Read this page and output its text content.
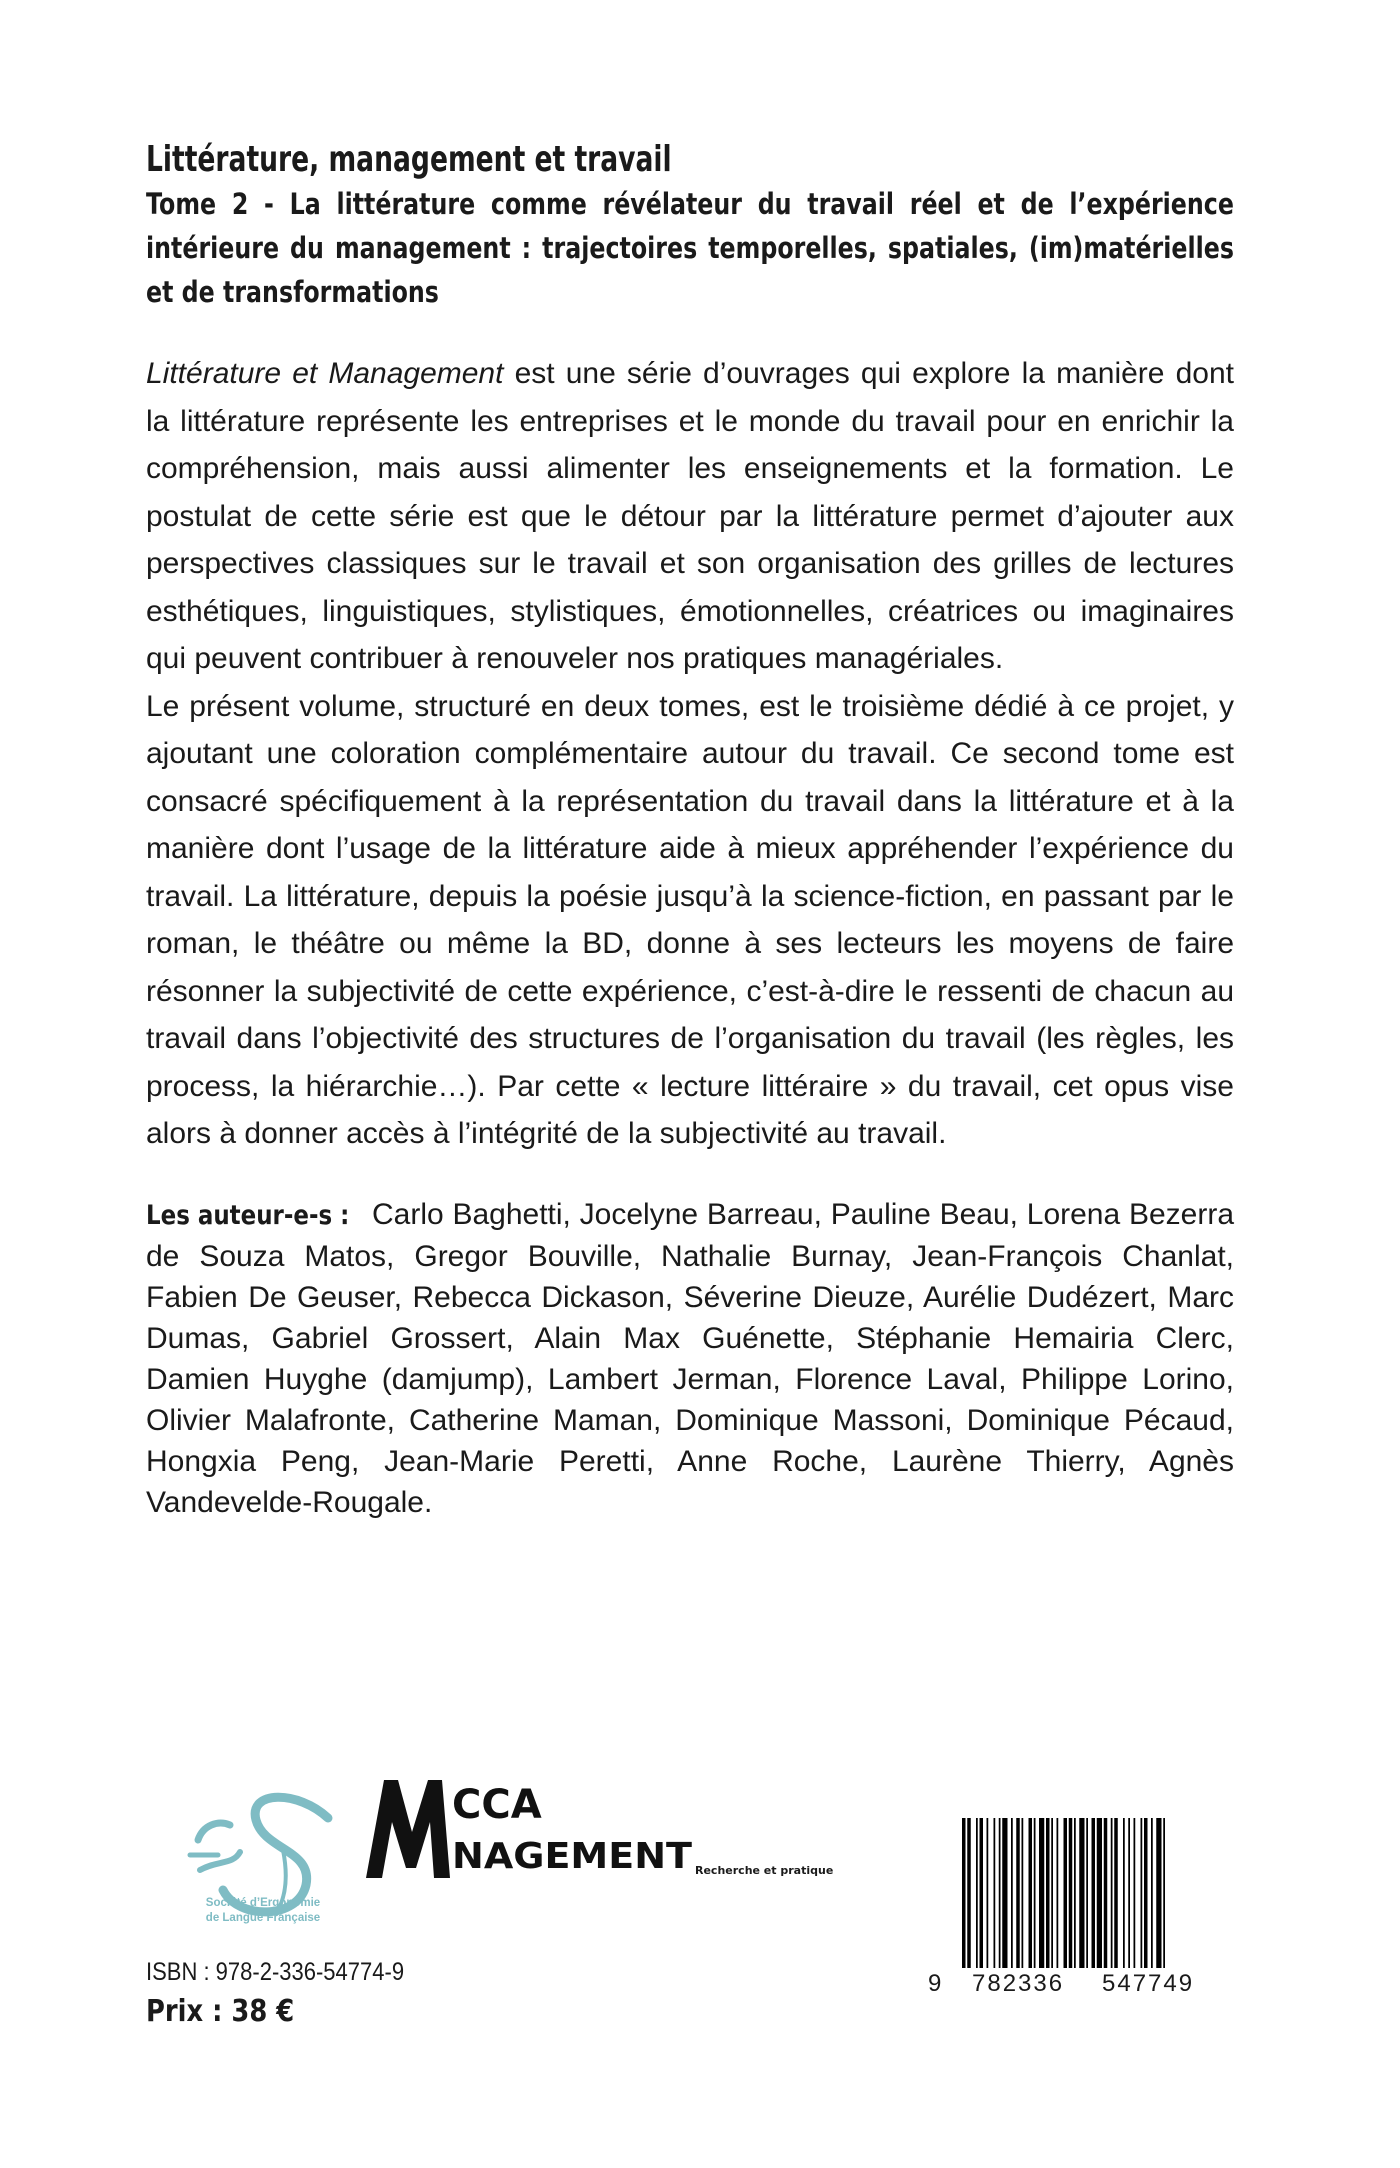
Littérature, management et travail
Tome 2 - La littérature comme révélateur du travail réel et de l’expérience intérieure du management : trajectoires temporelles, spatiales, (im)matérielles et de transformations

Littérature et Management est une série d’ouvrages qui explore la manière dont la littérature représente les entreprises et le monde du travail pour en enrichir la compréhension, mais aussi alimenter les enseignements et la formation. Le postulat de cette série est que le détour par la littérature permet d’ajouter aux perspectives classiques sur le travail et son organisation des grilles de lectures esthétiques, linguistiques, stylistiques, émotionnelles, créatrices ou imaginaires qui peuvent contribuer à renouveler nos pratiques managériales.

Le présent volume, structuré en deux tomes, est le troisième dédié à ce projet, y ajoutant une coloration complémentaire autour du travail. Ce second tome est consacré spécifiquement à la représentation du travail dans la littérature et à la manière dont l’usage de la littérature aide à mieux appréhender l’expérience du travail. La littérature, depuis la poésie jusqu’à la science-fiction, en passant par le roman, le théâtre ou même la BD, donne à ses lecteurs les moyens de faire résonner la subjectivité de cette expérience, c’est-à-dire le ressenti de chacun au travail dans l’objectivité des structures de l’organisation du travail (les règles, les process, la hiérarchie…). Par cette « lecture littéraire » du travail, cet opus vise alors à donner accès à l’intégrité de la subjectivité au travail.

Les auteur-e-s : Carlo Baghetti, Jocelyne Barreau, Pauline Beau, Lorena Bezerra de Souza Matos, Gregor Bouville, Nathalie Burnay, Jean-François Chanlat, Fabien De Geuser, Rebecca Dickason, Séverine Dieuze, Aurélie Dudézert, Marc Dumas, Gabriel Grossert, Alain Max Guénette, Stéphanie Hemairia Clerc, Damien Huyghe (damjump), Lambert Jerman, Florence Laval, Philippe Lorino, Olivier Malafronte, Catherine Maman, Dominique Massoni, Dominique Pécaud, Hongxia Peng, Jean-Marie Peretti, Anne Roche, Laurène Thierry, Agnès Vandevelde-Rougale.

Société d’Ergonomie
de Langue Française
CCA
NAGEMENT Recherche et pratique
ISBN : 978-2-336-54774-9
Prix : 38 €
9 782336 547749
